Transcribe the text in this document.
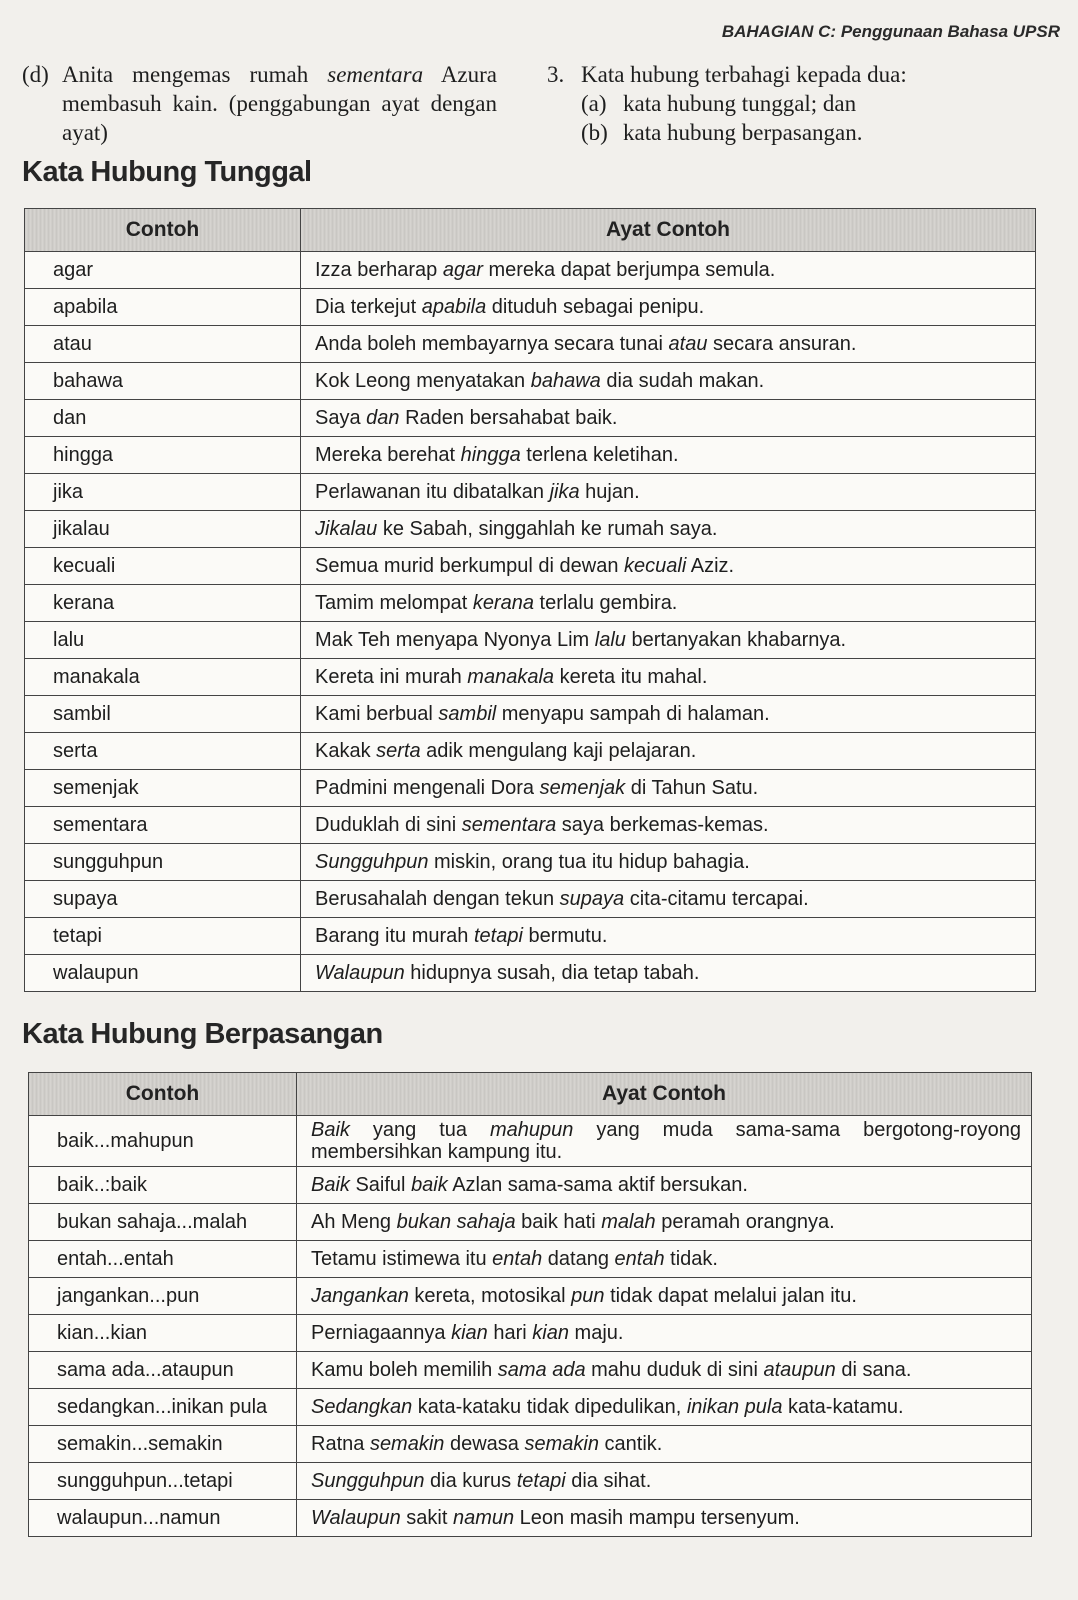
BAHAGIAN C: Penggunaan Bahasa UPSR
(d) Anita mengemas rumah sementara Azura membasuh kain. (penggabungan ayat dengan ayat)
3. Kata hubung terbahagi kepada dua:
(a) kata hubung tunggal; dan
(b) kata hubung berpasangan.
Kata Hubung Tunggal
Contoh	Ayat Contoh
agar	Izza berharap agar mereka dapat berjumpa semula.
apabila	Dia terkejut apabila dituduh sebagai penipu.
atau	Anda boleh membayarnya secara tunai atau secara ansuran.
bahawa	Kok Leong menyatakan bahawa dia sudah makan.
dan	Saya dan Raden bersahabat baik.
hingga	Mereka berehat hingga terlena keletihan.
jika	Perlawanan itu dibatalkan jika hujan.
jikalau	Jikalau ke Sabah, singgahlah ke rumah saya.
kecuali	Semua murid berkumpul di dewan kecuali Aziz.
kerana	Tamim melompat kerana terlalu gembira.
lalu	Mak Teh menyapa Nyonya Lim lalu bertanyakan khabarnya.
manakala	Kereta ini murah manakala kereta itu mahal.
sambil	Kami berbual sambil menyapu sampah di halaman.
serta	Kakak serta adik mengulang kaji pelajaran.
semenjak	Padmini mengenali Dora semenjak di Tahun Satu.
sementara	Duduklah di sini sementara saya berkemas-kemas.
sungguhpun	Sungguhpun miskin, orang tua itu hidup bahagia.
supaya	Berusahalah dengan tekun supaya cita-citamu tercapai.
tetapi	Barang itu murah tetapi bermutu.
walaupun	Walaupun hidupnya susah, dia tetap tabah.
Kata Hubung Berpasangan
Contoh	Ayat Contoh
baik...mahupun	Baik yang tua mahupun yang muda sama-sama bergotong-royong membersihkan kampung itu.
baik..:baik	Baik Saiful baik Azlan sama-sama aktif bersukan.
bukan sahaja...malah	Ah Meng bukan sahaja baik hati malah peramah orangnya.
entah...entah	Tetamu istimewa itu entah datang entah tidak.
jangankan...pun	Jangankan kereta, motosikal pun tidak dapat melalui jalan itu.
kian...kian	Perniagaannya kian hari kian maju.
sama ada...ataupun	Kamu boleh memilih sama ada mahu duduk di sini ataupun di sana.
sedangkan...inikan pula	Sedangkan kata-kataku tidak dipedulikan, inikan pula kata-katamu.
semakin...semakin	Ratna semakin dewasa semakin cantik.
sungguhpun...tetapi	Sungguhpun dia kurus tetapi dia sihat.
walaupun...namun	Walaupun sakit namun Leon masih mampu tersenyum.
